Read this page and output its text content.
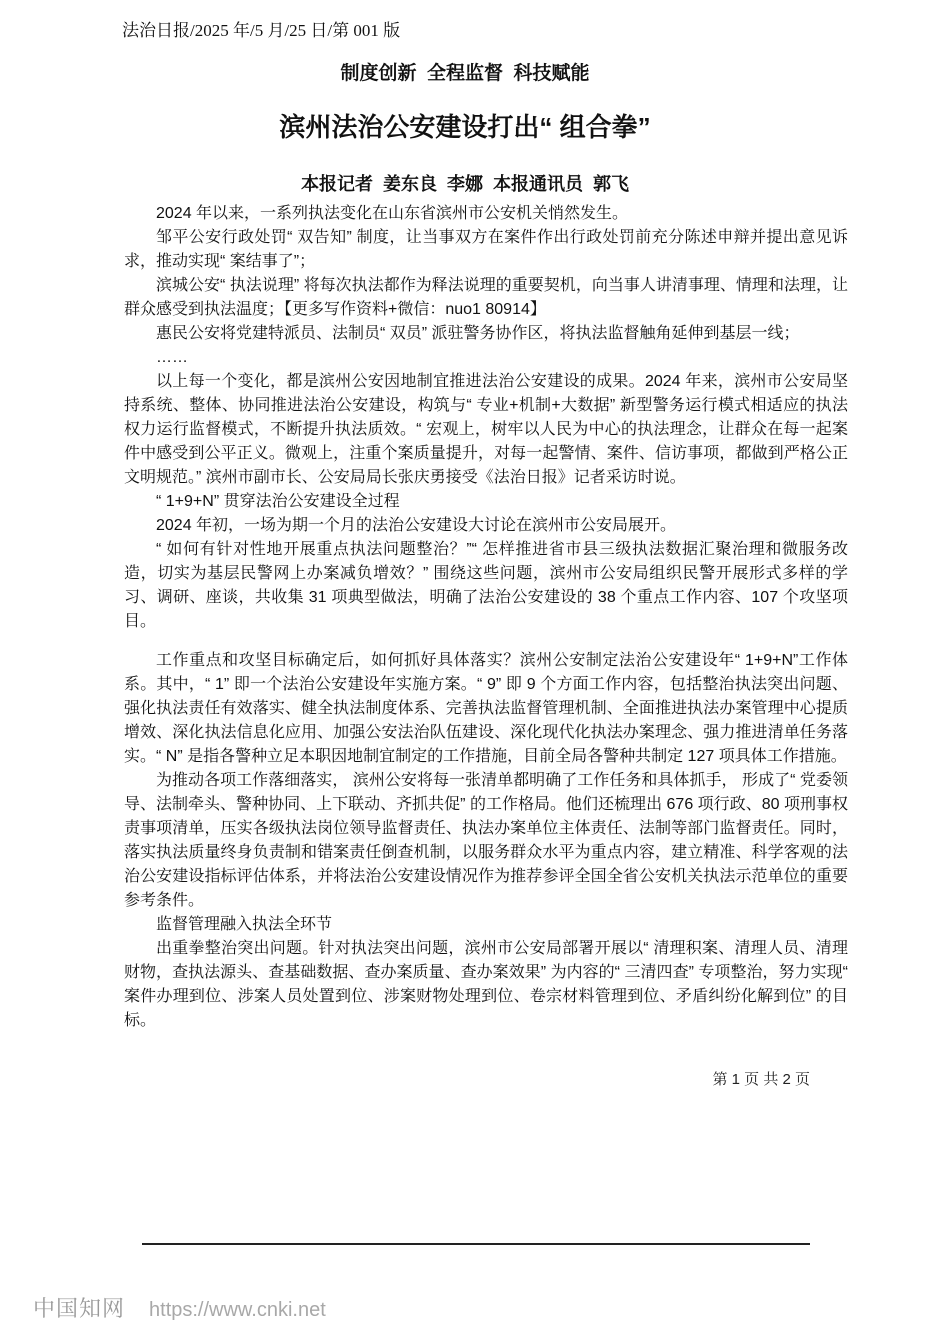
法治日报/2025 年/5 月/25 日/第 001 版
制度创新  全程监督  科技赋能
滨州法治公安建设打出“ 组合拳”
本报记者  姜东良  李娜  本报通讯员  郭飞

2024 年以来，一系列执法变化在山东省滨州市公安机关悄然发生。

邹平公安行政处罚“ 双告知” 制度，让当事双方在案件作出行政处罚前充分陈述申辩并提出意见诉求，推动实现“ 案结事了”；

滨城公安“ 执法说理” 将每次执法都作为释法说理的重要契机，向当事人讲清事理、情理和法理，让群众感受到执法温度；【更多写作资料+微信：nuo1 80914】

惠民公安将党建特派员、法制员“ 双员” 派驻警务协作区，将执法监督触角延伸到基层一线；

……

以上每一个变化，都是滨州公安因地制宜推进法治公安建设的成果。2024 年来，滨州市公安局坚持系统、整体、协同推进法治公安建设，构筑与“ 专业+机制+大数据” 新型警务运行模式相适应的执法权力运行监督模式，不断提升执法质效。“ 宏观上，树牢以人民为中心的执法理念，让群众在每一起案件中感受到公平正义。微观上，注重个案质量提升，对每一起警情、案件、信访事项，都做到严格公正文明规范。” 滨州市副市长、公安局局长张庆勇接受《法治日报》记者采访时说。

“ 1+9+N” 贯穿法治公安建设全过程

2024 年初，一场为期一个月的法治公安建设大讨论在滨州市公安局展开。

“ 如何有针对性地开展重点执法问题整治？”“ 怎样推进省市县三级执法数据汇聚治理和微服务改造，切实为基层民警网上办案减负增效？” 围绕这些问题，滨州市公安局组织民警开展形式多样的学习、调研、座谈，共收集 31 项典型做法，明确了法治公安建设的 38 个重点工作内容、107 个攻坚项目。

工作重点和攻坚目标确定后，如何抓好具体落实？滨州公安制定法治公安建设年“ 1+9+N”工作体系。其中，“ 1” 即一个法治公安建设年实施方案。“ 9” 即 9 个方面工作内容，包括整治执法突出问题、强化执法责任有效落实、健全执法制度体系、完善执法监督管理机制、全面推进执法办案管理中心提质增效、深化执法信息化应用、加强公安法治队伍建设、深化现代化执法办案理念、强力推进清单任务落实。“ N” 是指各警种立足本职因地制宜制定的工作措施，目前全局各警种共制定 127 项具体工作措施。

为推动各项工作落细落实， 滨州公安将每一张清单都明确了工作任务和具体抓手， 形成了“ 党委领导、法制牵头、警种协同、上下联动、齐抓共促” 的工作格局。他们还梳理出 676 项行政、80 项刑事权责事项清单，压实各级执法岗位领导监督责任、执法办案单位主体责任、法制等部门监督责任。同时，落实执法质量终身负责制和错案责任倒查机制，以服务群众水平为重点内容，建立精准、科学客观的法治公安建设指标评估体系，并将法治公安建设情况作为推荐参评全国全省公安机关执法示范单位的重要参考条件。

监督管理融入执法全环节

出重拳整治突出问题。针对执法突出问题，滨州市公安局部署开展以“ 清理积案、清理人员、清理财物，查执法源头、查基础数据、查办案质量、查办案效果” 为内容的“ 三清四查” 专项整治，努力实现“ 案件办理到位、涉案人员处置到位、涉案财物处理到位、卷宗材料管理到位、矛盾纠纷化解到位” 的目标。

第 1 页 共 2 页
中国知网 https://www.cnki.net
